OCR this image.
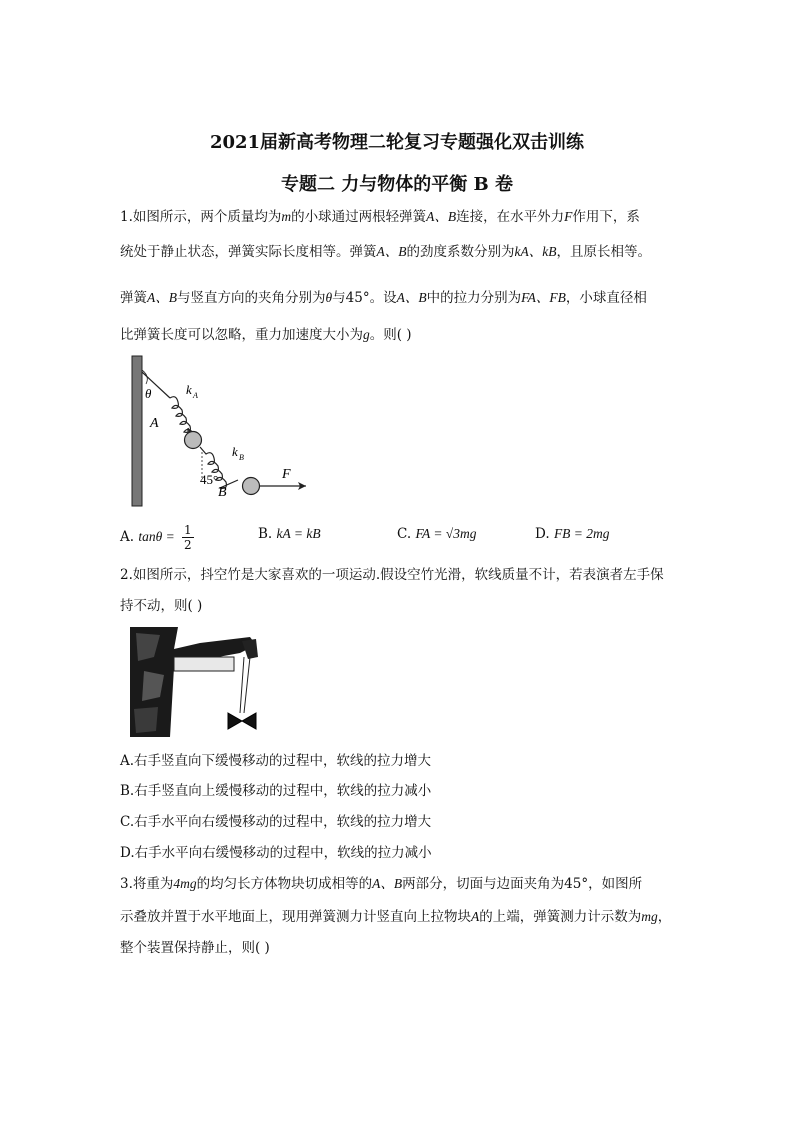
2021届新高考物理二轮复习专题强化双击训练
专题二 力与物体的平衡 B 卷
1.如图所示，两个质量均为m的小球通过两根轻弹簧A、B连接，在水平外力F作用下，系
统处于静止状态，弹簧实际长度相等。弹簧A、B的劲度系数分别为kA、kB，且原长相等。
弹簧A、B与竖直方向的夹角分别为θ与45°。设A、B中的拉力分别为FA、FB，小球直径相
比弹簧长度可以忽略，重力加速度大小为g。则( )
θ	k A
A
k B
45°
B
F
A. $\tan\theta = \frac{1}{2}$	B. kA = kB	C. FA = √3mg	D. FB = 2mg
2.如图所示，抖空竹是大家喜欢的一项运动.假设空竹光滑，软线质量不计，若表演者左手保
持不动，则( )
A.右手竖直向下缓慢移动的过程中，软线的拉力增大
B.右手竖直向上缓慢移动的过程中，软线的拉力减小
C.右手水平向右缓慢移动的过程中，软线的拉力增大
D.右手水平向右缓慢移动的过程中，软线的拉力减小
3.将重为4mg的均匀长方体物块切成相等的A、B两部分，切面与边面夹角为45°，如图所
示叠放并置于水平地面上，现用弹簧测力计竖直向上拉物块A的上端，弹簧测力计示数为mg，
整个装置保持静止，则( )
